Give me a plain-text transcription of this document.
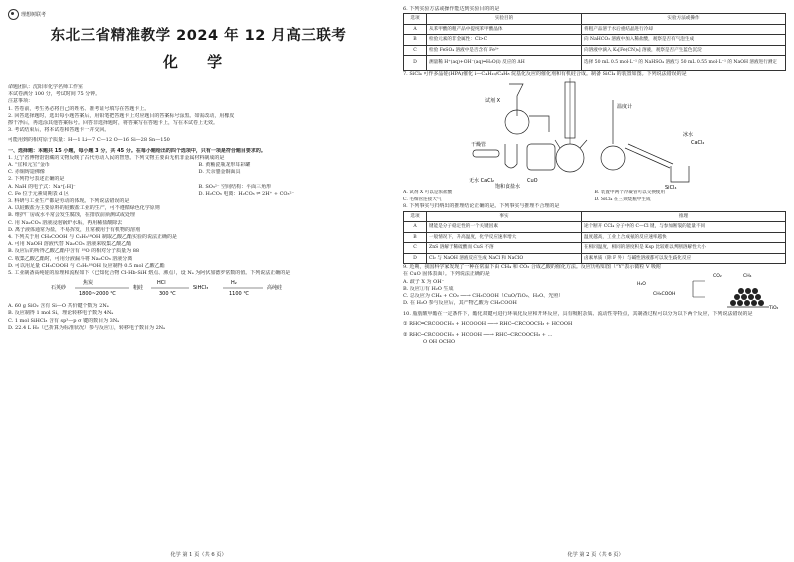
理想树联考
东北三省精准教学 2024 年 12 月高三联考
化 学
命题团队：沈阳市化学名师工作室
本试卷满分 100 分，考试时间 75 分钟。
注意事项：
1. 答卷前，考生务必将自己的姓名、准考证号填写在答题卡上。
2. 回答选择题时，选出每小题答案后，用铅笔把答题卡上对应题目的答案标号涂黑。如需改动，用橡皮
擦干净后，再选涂其他答案标号。回答非选择题时，将答案写在答题卡上，写在本试卷上无效。
3. 考试结束后，将本试卷和答题卡一并交回。
可能用到的相对原子质量：H—1 Li—7 C—12 O—16 Si—28 Sn—150
一、选择题：本题共 15 小题，每小题 3 分，共 45 分。在每小题给出的四个选项中，只有一项是符合题目要求的。
1. 辽宁省博物馆馆藏的文物反映了古代劳动人民的智慧。下列文物主要由无机非金属材料制成的是
A. “宜和元宝”金币	B. 黄釉瓷瓶龙形耳彩罐
C. 赤铜铸造佛像	D. 夫余鎏金铜面具
2. 下列符号表述正确的是
A. NaH 的电子式：Na⁺[:H]⁻	B. SO₃²⁻ 空间结构：平面三角形
C. Fe 位于元素周期表 d 区	D. H₂CO₃ 电离：H₂CO₃ ⇌ 2H⁺ + CO₃²⁻
3. 科研与工业生产都是劳动的体现。下列说法错误的是
A. 以硅酸盐为主要原料的硅酸盐工业的生产，可不遵循绿色化学原则
B. 维护厂房或水平常会发生腐蚀，在排放前须测试或处理
C. 用 Na₂CO₃ 溶液浸泡锅炉水垢，再用稀盐酸除去
D. 离子液体通常为盐，不易挥发，且常被用于有机物的溶剂
4. 下列关于用 CH₃COOH 与 C₂H₅¹⁸OH 制取乙酸乙酯实验的说法正确的是
A. 可用 NaOH 溶液代替 Na₂CO₃ 溶液来收集乙酸乙酯
B. 反应后的所得乙酸乙酯中含有 ¹⁸O 的相对分子质量为 88
C. 收集乙酸乙酯时，可用分液漏斗将 Na₂CO₃ 溶液分离
D. 可以用足量 CH₃COOH 与 C₂H₅¹⁸OH 反应制得 0.5 mol 乙酸乙酯
5. 工业制备高纯硅的原理和流程如下（已知化合物 Cl-Hb-SiH 熔点、沸点），设 Nₐ 为阿伏加德罗常数的值。下列说法正确的是
石英砂
焦炭
1800~2000 ℃
粗硅
HCl
300 ℃
SiHCl₃
H₂
1100 ℃
高纯硅
A. 60 g SiO₂ 含有 Si—O 共价键个数为 2Nₐ
B. 反应制得 1 mol Si，理论转移电子数为 4Nₐ
C. 1 mol SiHCl₃ 含有 sp³—p σ 键的数目为 3Nₐ
D. 22.4 L H₂（已折算为标准状况）参与反应①，转移电子数目为 2Nₐ
化学 第 1 页（共 6 页）
6. 下列实验方法或操作能达到实验目的的是
选项	实验目的	实验方法或操作
A	从苯甲酸的粗产品中提纯苯甲酸晶体	将粗产品溶于水后重结晶进行冷却
B	检验元素的非金属性：Cl>C	向 NaHCO₃ 溶液中加入稀盐酸，观察是否有气泡生成
C	检验 FeSO₄ 溶液中是否含有 Fe³⁺	向溶液中滴入 K₃[Fe(CN)₆] 溶液，观察是否产生蓝色沉淀
D	测量稀 H⁺(aq)+OH⁻(aq)═H₂O(l) 反应的 ΔH	选择 50 mL 0.5 mol·L⁻¹ 的 NaHSO₄ 溶液与 50 mL 0.55 mol·L⁻¹ 的 NaOH 溶液进行测定
7. SiCl₄ 可作多晶硅(HPA)催化 i—C₄H₁₀/C₄H₈ 烷基化反应的催化剂和有机硅合成。制备 SiCl₄ 的装置如图。下列说法错误的是
试剂 X
干燥管
无水 CaCl₂	CuO
饱和食盐水
温度计
冰水
CaCl₂
SiCl₄
A. 试剂 X 可以是浓盐酸	B. 装置中两个冷凝管可以交换使用
C. 毛细管连接大气	D. SiCl₄ 在三颈烧瓶中生成
8. 下列事实与归纳出的推理结论正确的是。下列事实与推理不合理的是
选项	事实	推理
A	键能是分子稳定性的一个关键因素	途个断开 CCl₄ 分子中的 C—Cl 键，与参加断裂的能量不同
B	一般情况下，升高温度，化学反应速率增大	温度越高，工业上合成氨的反应速率越快
C	ZnS 溶解于稀硫酸而 CuS 不溶	在相同温度，相同的溶度积是 Ksp 比较难以判断溶解性大小
D	Cl₂ 与 NaOH 溶液反应生成 NaCl 和 NaClO	卤素单质（除 F 外）与碱性溶液都可以发生歧化反应
9. 近期，我国科学家发现了一种在常温下由 CH₄ 和 CO₂ 合成乙酸的催化方法。反应历程如图（“Y”表示微粒 V 吸附
在 CuO 固体表面）。下列说法正确的是
A. 歧子 X 为 OH⁻
B. 反应①有 H₂O 生成
C. 总反应为 CH₄ + CO₂ ──→ CH₃COOH（CuO/TiO₂、H₂O、光照）
D. 在 H₂O 参与反应后，其产物乙酸为 CH₃COOH
H₂O
CH₃COOH
CO₂	CH₄
TiO₂
10. 脂肪酸甲酯在一定条件下，酯化双键可进行环氧化反应和开环反应，具有吸附杂质、流动性等特点，其制备过程可以分为以下两个反应，下列说法错误的是
① RHC═CRCOOCH₃ + HCOOOH ──→ RHC─CRCOOCH₃ + HCOOH
② RHC─CRCOOCH₃ + HCOOH ──→ RHC─CRCOOCH₃ + …
O OH OCHO
化学 第 2 页（共 6 页）
